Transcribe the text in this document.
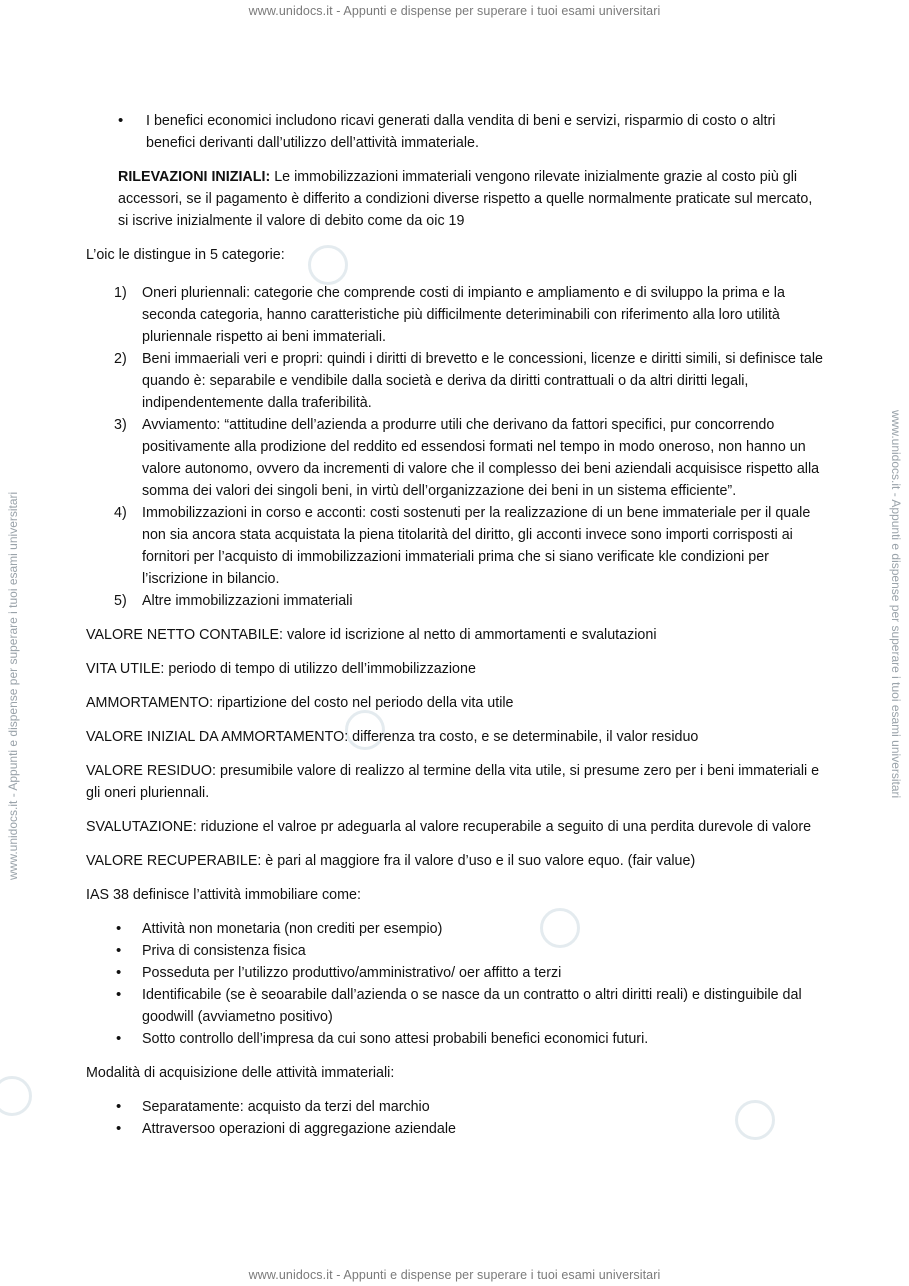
www.unidocs.it - Appunti e dispense per superare i tuoi esami universitari
www.unidocs.it - Appunti e dispense per superare i tuoi esami universitari	www.unidocs.it - Appunti e dispense per superare i tuoi esami universitari
• I benefici economici includono ricavi generati dalla vendita di beni e servizi, risparmio di costo o altri benefici derivanti dall’utilizzo dell’attività immateriale.
RILEVAZIONI INIZIALI: Le immobilizzazioni immateriali vengono rilevate inizialmente grazie al costo più gli accessori, se il pagamento è differito a condizioni diverse rispetto a quelle normalmente praticate sul mercato, si iscrive inizialmente il valore di debito come da oic 19
L’oic le distingue in 5 categorie:
1) Oneri pluriennali: categorie che comprende costi di impianto e ampliamento e di sviluppo la prima e la seconda categoria, hanno caratteristiche più difficilmente deteriminabili con riferimento alla loro utilità pluriennale rispetto ai beni immateriali.
2) Beni immaeriali veri e propri: quindi i diritti di brevetto e le concessioni, licenze e diritti simili, si definisce tale quando è: separabile e vendibile dalla società e deriva da diritti contrattuali o da altri diritti legali, indipendentemente dalla traferibilità.
3) Avviamento: “attitudine dell’azienda a produrre utili che derivano da fattori specifici, pur concorrendo positivamente alla prodizione del reddito ed essendosi formati nel tempo in modo oneroso, non hanno un valore autonomo, ovvero da incrementi di valore che il complesso dei beni aziendali acquisisce rispetto alla somma dei valori dei singoli beni, in virtù dell’organizzazione dei beni in un sistema efficiente”.
4) Immobilizzazioni in corso e acconti: costi sostenuti per la realizzazione di un bene immateriale per il quale non sia ancora stata acquistata la piena titolarità del diritto, gli acconti invece sono importi corrisposti ai fornitori per l’acquisto di immobilizzazioni immateriali prima che si siano verificate kle condizioni per l’iscrizione in bilancio.
5) Altre immobilizzazioni immateriali
VALORE NETTO CONTABILE: valore id iscrizione al netto di ammortamenti e svalutazioni
VITA UTILE: periodo di tempo di utilizzo dell’immobilizzazione
AMMORTAMENTO: ripartizione del costo nel periodo della vita utile
VALORE INIZIAL DA AMMORTAMENTO: differenza tra costo, e se determinabile, il valor residuo
VALORE RESIDUO: presumibile valore di realizzo al termine della vita utile, si presume zero per i beni immateriali e gli oneri pluriennali.
SVALUTAZIONE: riduzione el valroe pr adeguarla al valore recuperabile a seguito di una perdita durevole di valore
VALORE RECUPERABILE: è pari al maggiore fra il valore d’uso e il suo valore equo. (fair value)
IAS 38 definisce l’attività immobiliare come:
• Attività non monetaria (non crediti per esempio)
• Priva di consistenza fisica
• Posseduta per l’utilizzo produttivo/amministrativo/ oer affitto a terzi
• Identificabile (se è seoarabile dall’azienda o se nasce da un contratto o altri diritti reali) e distinguibile dal goodwill (avviametno positivo)
• Sotto controllo dell’impresa da cui sono attesi probabili benefici economici futuri.
Modalità di acquisizione delle attività immateriali:
• Separatamente: acquisto da terzi del marchio
• Attraversoo operazioni di aggregazione aziendale
www.unidocs.it - Appunti e dispense per superare i tuoi esami universitari
